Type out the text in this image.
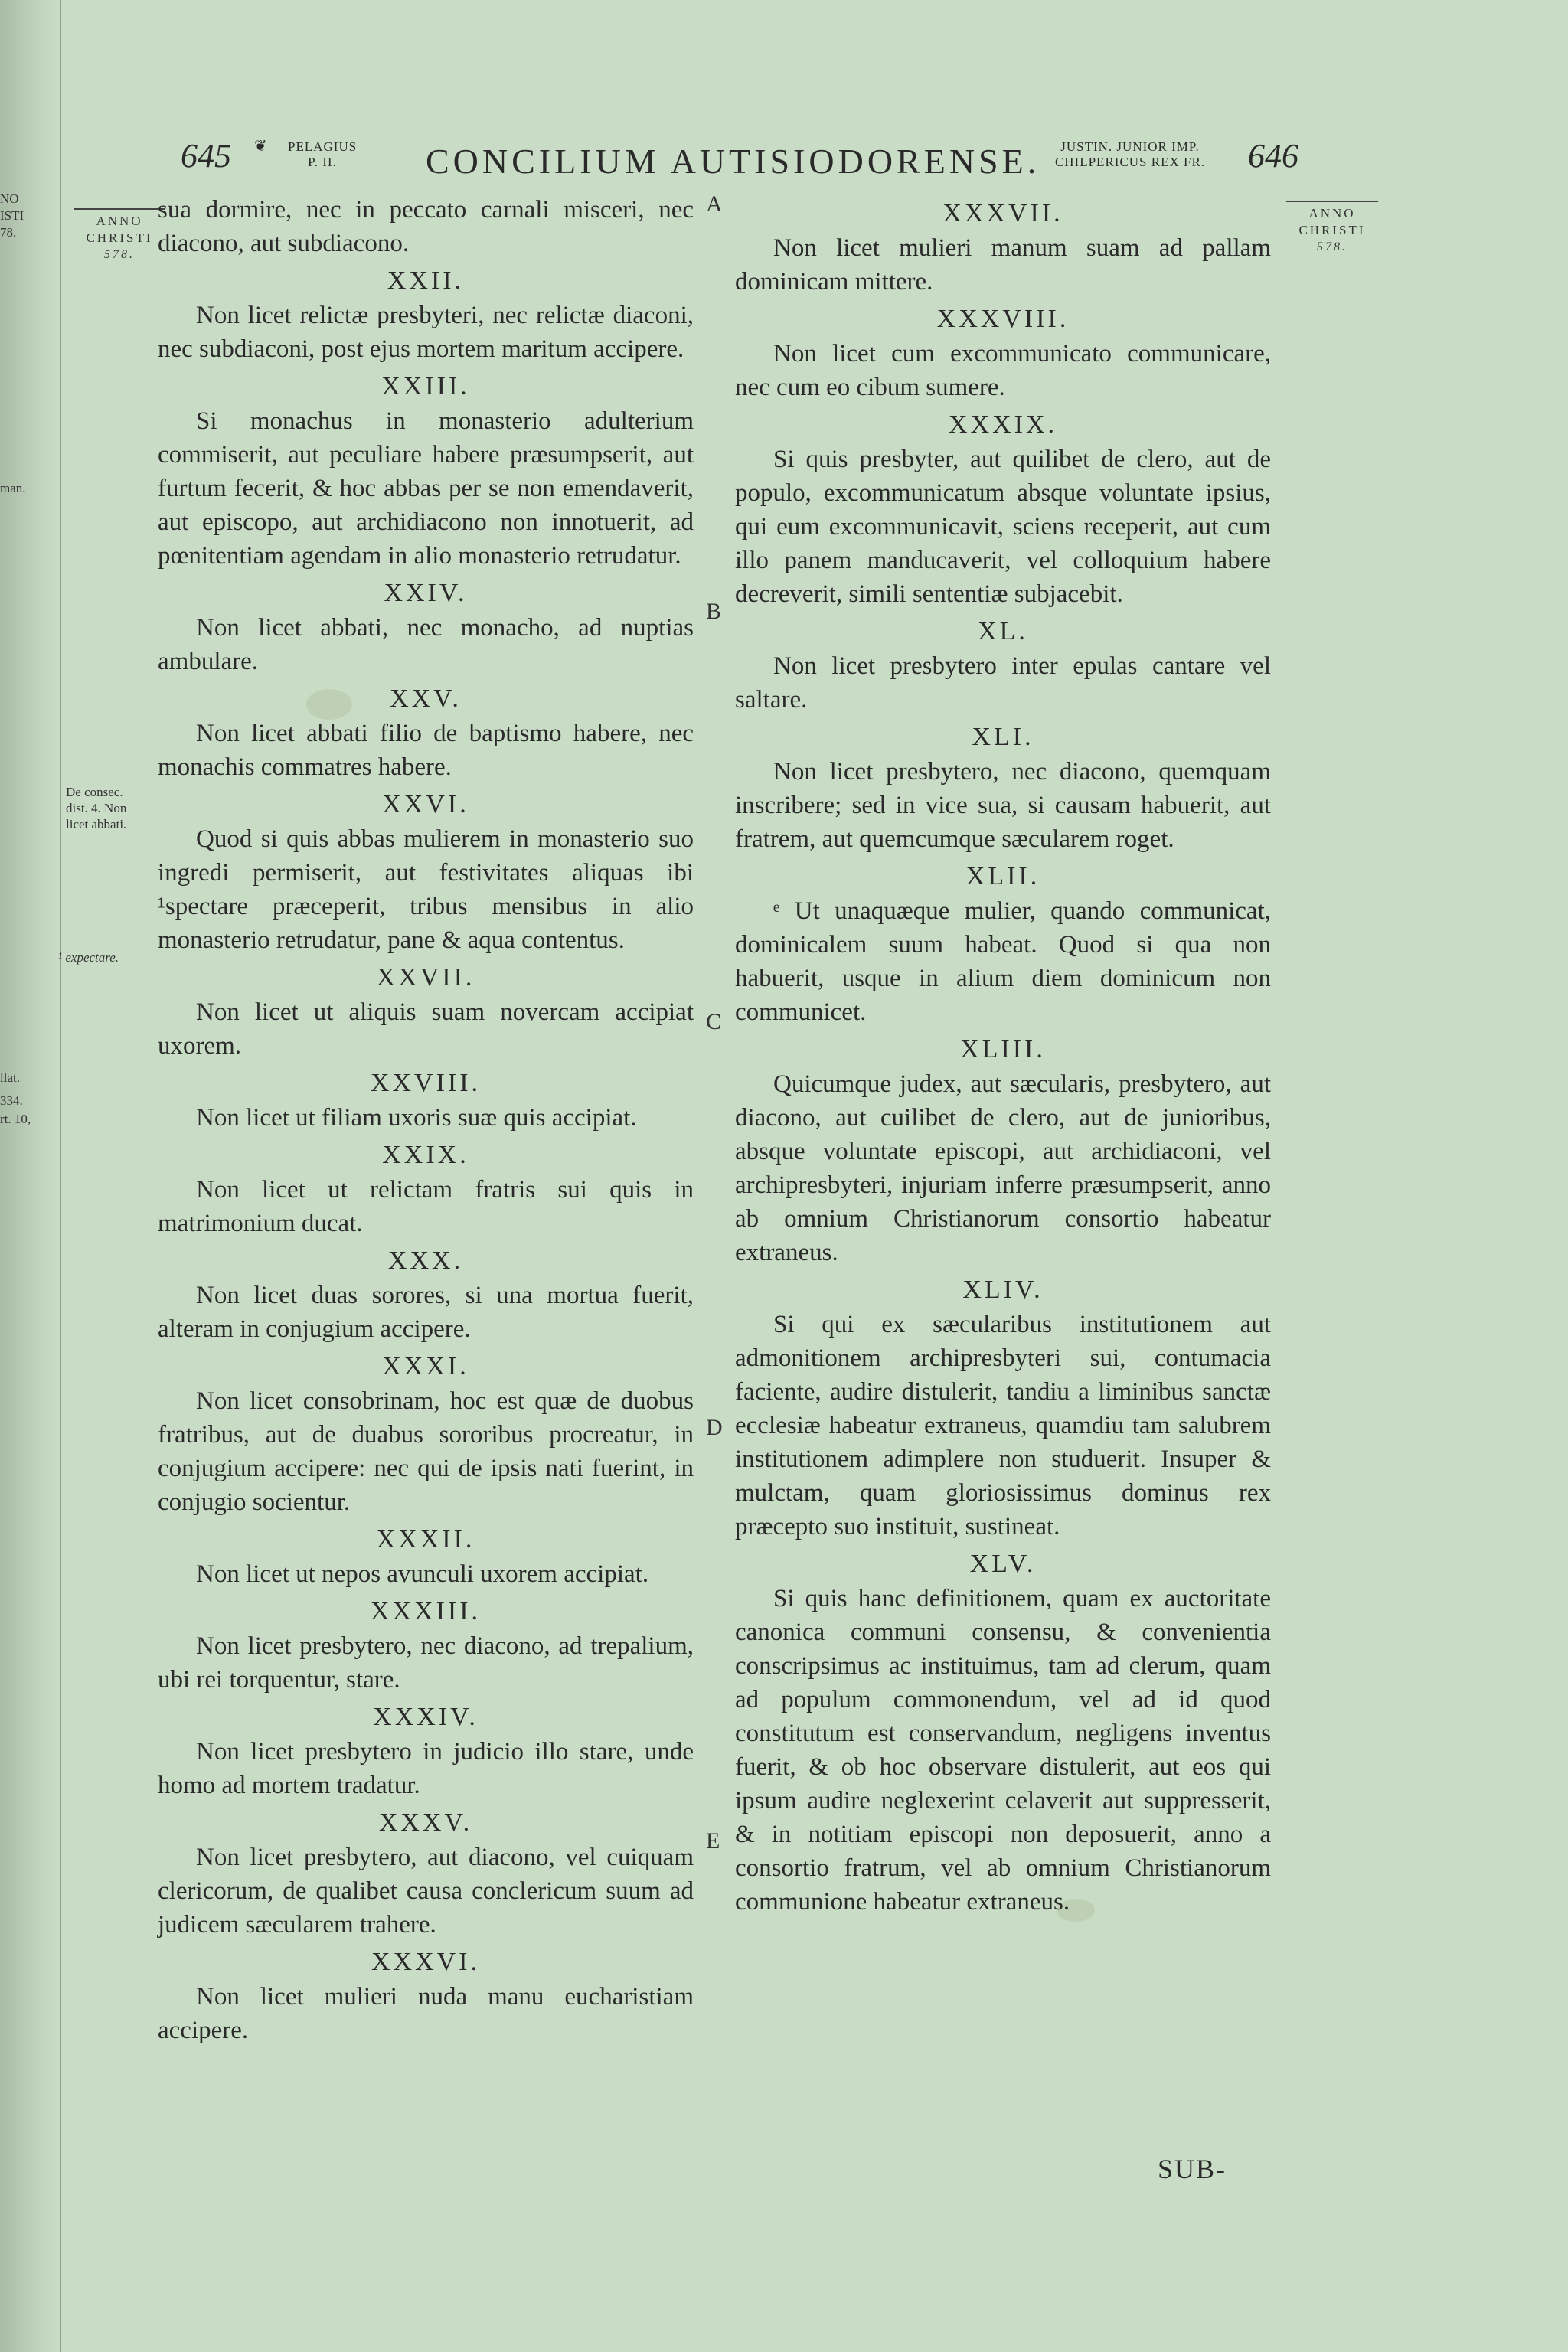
NO
ISTI
78.
man.
llat.
334.
rt. 10,
645 ❦ PELAGIUS P. II.	CONCILIUM AUTISIODORENSE.	JUSTIN. JUNIOR IMP.
CHILPERICUS REX FR.	646
ANNO
CHRISTI
578.
ANNO
CHRISTI
578.
De consec.
dist. 4. Non
licet abbati.
¹ expectare.
A
B
C
D
E

sua dormire, nec in peccato carnali misceri, nec diacono, aut subdiacono.

XXII.

Non licet relictæ presbyteri, nec relictæ diaconi, nec subdiaconi, post ejus mortem maritum accipere.

XXIII.

Si monachus in monasterio adulterium commiserit, aut peculiare habere præsumpserit, aut furtum fecerit, & hoc abbas per se non emendaverit, aut episcopo, aut archidiacono non innotuerit, ad pœnitentiam agendam in alio monasterio retrudatur.

XXIV.

Non licet abbati, nec monacho, ad nuptias ambulare.

XXV.

Non licet abbati filio de baptismo habere, nec monachis commatres habere.

XXVI.

Quod si quis abbas mulierem in monasterio suo ingredi permiserit, aut festivitates aliquas ibi ¹spectare præceperit, tribus mensibus in alio monasterio retrudatur, pane & aqua contentus.

XXVII.

Non licet ut aliquis suam novercam accipiat uxorem.

XXVIII.

Non licet ut filiam uxoris suæ quis accipiat.

XXIX.

Non licet ut relictam fratris sui quis in matrimonium ducat.

XXX.

Non licet duas sorores, si una mortua fuerit, alteram in conjugium accipere.

XXXI.

Non licet consobrinam, hoc est quæ de duobus fratribus, aut de duabus sororibus procreatur, in conjugium accipere: nec qui de ipsis nati fuerint, in conjugio socientur.

XXXII.

Non licet ut nepos avunculi uxorem accipiat.

XXXIII.

Non licet presbytero, nec diacono, ad trepalium, ubi rei torquentur, stare.

XXXIV.

Non licet presbytero in judicio illo stare, unde homo ad mortem tradatur.

XXXV.

Non licet presbytero, aut diacono, vel cuiquam clericorum, de qualibet causa conclericum suum ad judicem sæcularem trahere.

XXXVI.

Non licet mulieri nuda manu eucharistiam accipere.

XXXVII.

Non licet mulieri manum suam ad pallam dominicam mittere.

XXXVIII.

Non licet cum excommunicato communicare, nec cum eo cibum sumere.

XXXIX.

Si quis presbyter, aut quilibet de clero, aut de populo, excommunicatum absque voluntate ipsius, qui eum excommunicavit, sciens receperit, aut cum illo panem manducaverit, vel colloquium habere decreverit, simili sententiæ subjacebit.

XL.

Non licet presbytero inter epulas cantare vel saltare.

XLI.

Non licet presbytero, nec diacono, quemquam inscribere; sed in vice sua, si causam habuerit, aut fratrem, aut quemcumque sæcularem roget.

XLII.

ᵉ Ut unaquæque mulier, quando communicat, dominicalem suum habeat. Quod si qua non habuerit, usque in alium diem dominicum non communicet.

XLIII.

Quicumque judex, aut sæcularis, presbytero, aut diacono, aut cuilibet de clero, aut de junioribus, absque voluntate episcopi, aut archidiaconi, vel archipresbyteri, injuriam inferre præsumpserit, anno ab omnium Christianorum consortio habeatur extraneus.

XLIV.

Si qui ex sæcularibus institutionem aut admonitionem archipresbyteri sui, contumacia faciente, audire distulerit, tandiu a liminibus sanctæ ecclesiæ habeatur extraneus, quamdiu tam salubrem institutionem adimplere non studuerit. Insuper & mulctam, quam gloriosissimus dominus rex præcepto suo instituit, sustineat.

XLV.

Si quis hanc definitionem, quam ex auctoritate canonica communi consensu, & convenientia conscripsimus ac instituimus, tam ad clerum, quam ad populum commonendum, vel ad id quod constitutum est conservandum, negligens inventus fuerit, & ob hoc observare distulerit, aut eos qui ipsum audire neglexerint celaverit aut suppresserit, & in notitiam episcopi non deposuerit, anno a consortio fratrum, vel ab omnium Christianorum communione habeatur extraneus.

SUB-
